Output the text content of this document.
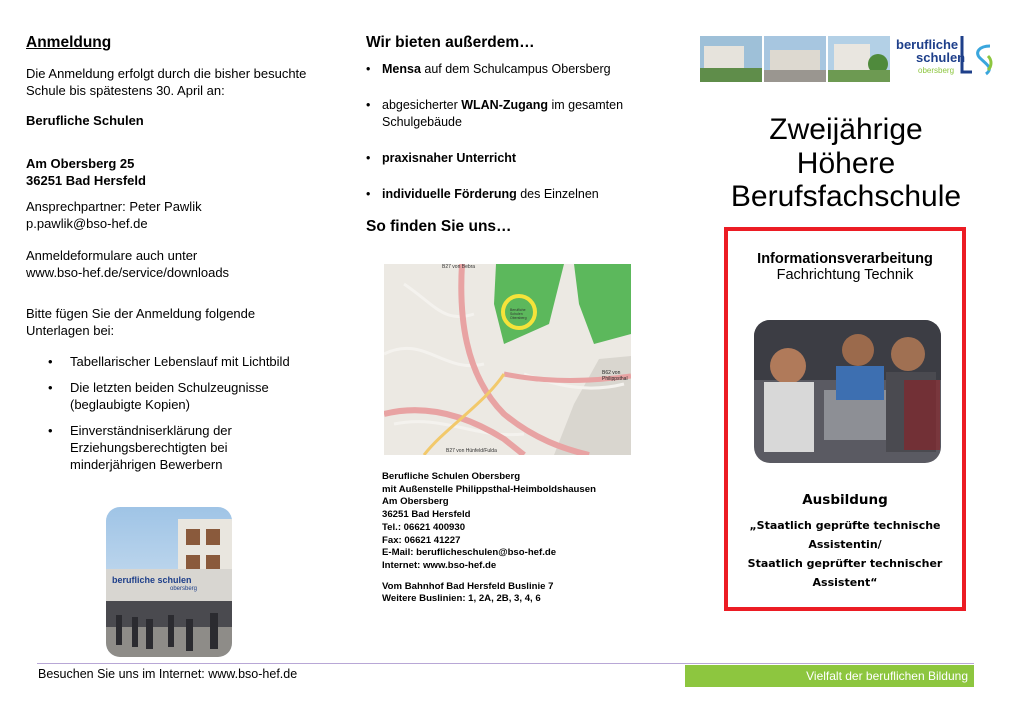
Anmeldung

Die Anmeldung erfolgt durch die bisher besuchte Schule bis spätestens 30. April an:

Berufliche Schulen

Am Obersberg 25

36251 Bad Hersfeld

Ansprechpartner: Peter Pawlik

p.pawlik@bso-hef.de

Anmeldeformulare auch unter

www.bso-hef.de/service/downloads

Bitte fügen Sie der Anmeldung folgende Unterlagen bei:

• Tabellarischer Lebenslauf mit Lichtbild
• Die letzten beiden Schulzeugnisse (beglaubigte Kopien)
• Einverständniserklärung der Erziehungsberechtigten bei minderjährigen Bewerbern
berufliche schulen
obersberg
Wir bieten außerdem…
• Mensa auf dem Schulcampus Obersberg
• abgesicherter WLAN-Zugang im gesamten Schulgebäude
• praxisnaher Unterricht
• individuelle Förderung des Einzelnen
So finden Sie uns…
B27 von Bebra
Berufliche Schulen Obersberg
B62 von Philippsthal
B27 von Hünfeld/Fulda
Berufliche Schulen Obersberg
mit Außenstelle Philippsthal-Heimboldshausen
Am Obersberg
36251 Bad Hersfeld
Tel.: 06621 400930
Fax: 06621 41227
E-Mail: beruflicheschulen@bso-hef.de
Internet: www.bso-hef.de
Vom Bahnhof Bad Hersfeld Buslinie 7
Weitere Buslinien: 1, 2A, 2B, 3, 4, 6
berufliche
schulen
obersberg
Zweijährige
Höhere
Berufsfachschule
Informationsverarbeitung
Fachrichtung Technik
Ausbildung
„Staatlich geprüfte technische
Assistentin/
Staatlich geprüfter technischer
Assistent“
Besuchen Sie uns im Internet: www.bso-hef.de	Vielfalt der beruflichen Bildung
